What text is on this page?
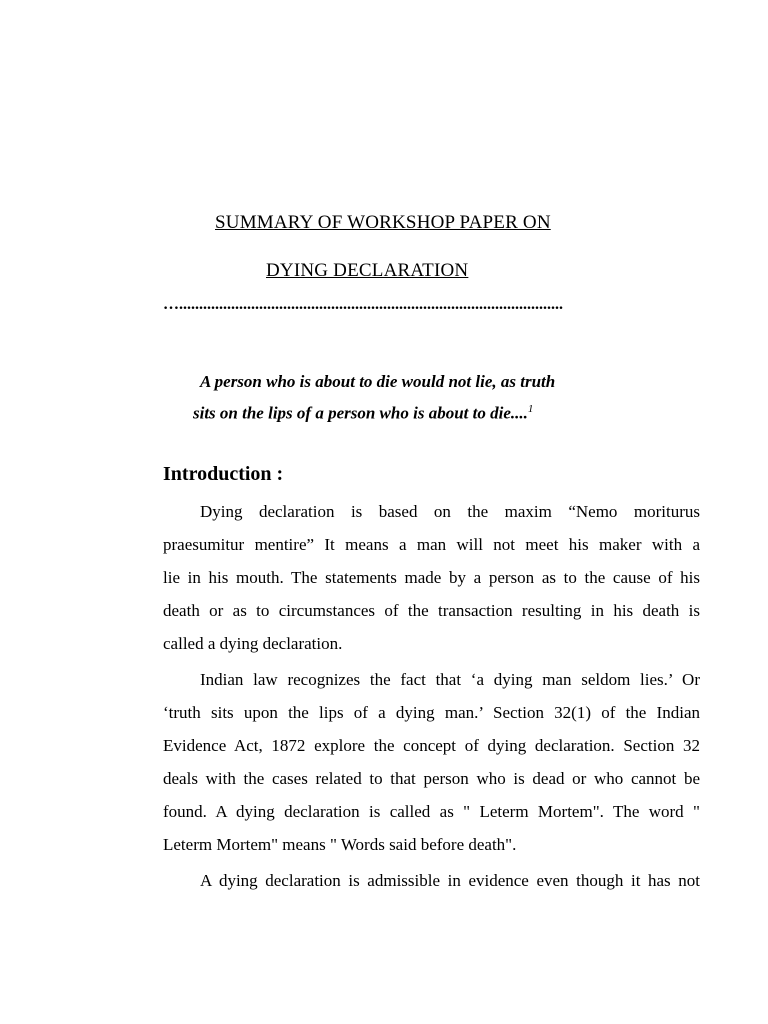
SUMMARY OF WORKSHOP PAPER ON
DYING DECLARATION
…................................................................................................
A person who is about to die would not lie, as truth
sits on the lips of a person who is about to die....$^1$
Introduction :
Dying declaration is based on the maxim “Nemo moriturus
praesumitur mentire” It means a man will not meet his maker with a
lie in his mouth. The statements made by a person as to the cause of his
death or as to circumstances of the transaction resulting in his death is
called a dying declaration.
Indian law recognizes the fact that ‘a dying man seldom lies.’ Or
‘truth sits upon the lips of a dying man.’ Section 32(1) of the Indian
Evidence Act, 1872 explore the concept of dying declaration. Section 32
deals with the cases related to that person who is dead or who cannot be
found. A dying declaration is called as " Leterm Mortem". The word "
Leterm Mortem" means " Words said before death".
A dying declaration is admissible in evidence even though it has not
